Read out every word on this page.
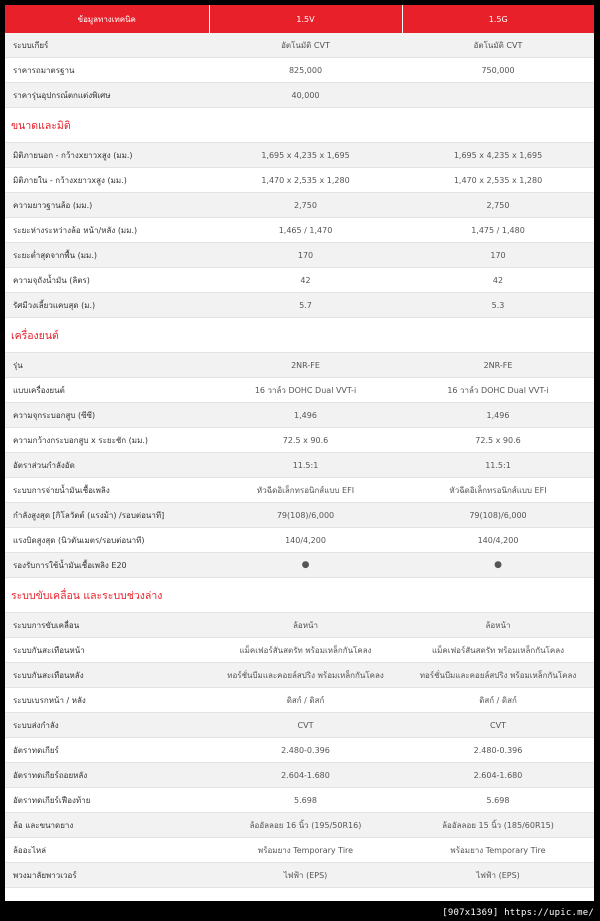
ข้อมูลทางเทคนิค	1.5V	1.5G
ระบบเกียร์	อัตโนมัติ CVT	อัตโนมัติ CVT
ราคารถมาตรฐาน	825,000	750,000
ราคารุ่นอุปกรณ์ตกแต่งพิเศษ	40,000	
ขนาดและมิติ		
มิติภายนอก - กว้างxยาวxสูง (มม.)	1,695 x 4,235 x 1,695	1,695 x 4,235 x 1,695
มิติภายใน - กว้างxยาวxสูง (มม.)	1,470 x 2,535 x 1,280	1,470 x 2,535 x 1,280
ความยาวฐานล้อ (มม.)	2,750	2,750
ระยะห่างระหว่างล้อ หน้า/หลัง (มม.)	1,465 / 1,470	1,475 / 1,480
ระยะต่ำสุดจากพื้น (มม.)	170	170
ความจุถังน้ำมัน (ลิตร)	42	42
รัศมีวงเลี้ยวแคบสุด (ม.)	5.7	5.3
เครื่องยนต์		
รุ่น	2NR-FE	2NR-FE
แบบเครื่องยนต์	16 วาล์ว DOHC Dual VVT-i	16 วาล์ว DOHC Dual VVT-i
ความจุกระบอกสูบ (ซีซี)	1,496	1,496
ความกว้างกระบอกสูบ x ระยะชัก (มม.)	72.5 x 90.6	72.5 x 90.6
อัตราส่วนกำลังอัด	11.5:1	11.5:1
ระบบการจ่ายน้ำมันเชื้อเพลิง	หัวฉีดอิเล็กทรอนิกส์แบบ EFI	หัวฉีดอิเล็กทรอนิกส์แบบ EFI
กำลังสูงสุด [กิโลวัตต์ (แรงม้า) /รอบต่อนาที]	79(108)/6,000	79(108)/6,000
แรงบิดสูงสุด (นิวตันเมตร/รอบต่อนาที)	140/4,200	140/4,200
รองรับการใช้น้ำมันเชื้อเพลิง E20	●	●
ระบบขับเคลื่อน และระบบช่วงล่าง		
ระบบการขับเคลื่อน	ล้อหน้า	ล้อหน้า
ระบบกันสะเทือนหน้า	แม็คเฟอร์สันสตรัท พร้อมเหล็กกันโคลง	แม็คเฟอร์สันสตรัท พร้อมเหล็กกันโคลง
ระบบกันสะเทือนหลัง	ทอร์ชั่นบีมและคอยล์สปริง พร้อมเหล็กกันโคลง	ทอร์ชั่นบีมและคอยล์สปริง พร้อมเหล็กกันโคลง
ระบบเบรกหน้า / หลัง	ดิสก์ / ดิสก์	ดิสก์ / ดิสก์
ระบบส่งกำลัง	CVT	CVT
อัตราทดเกียร์	2.480-0.396	2.480-0.396
อัตราทดเกียร์ถอยหลัง	2.604-1.680	2.604-1.680
อัตราทดเกียร์เฟืองท้าย	5.698	5.698
ล้อ และขนาดยาง	ล้ออัลลอย 16 นิ้ว (195/50R16)	ล้ออัลลอย 15 นิ้ว (185/60R15)
ล้ออะไหล่	พร้อมยาง Temporary Tire	พร้อมยาง Temporary Tire
พวงมาลัยพาวเวอร์	ไฟฟ้า (EPS)	ไฟฟ้า (EPS)
[907x1369] https://upic.me/
